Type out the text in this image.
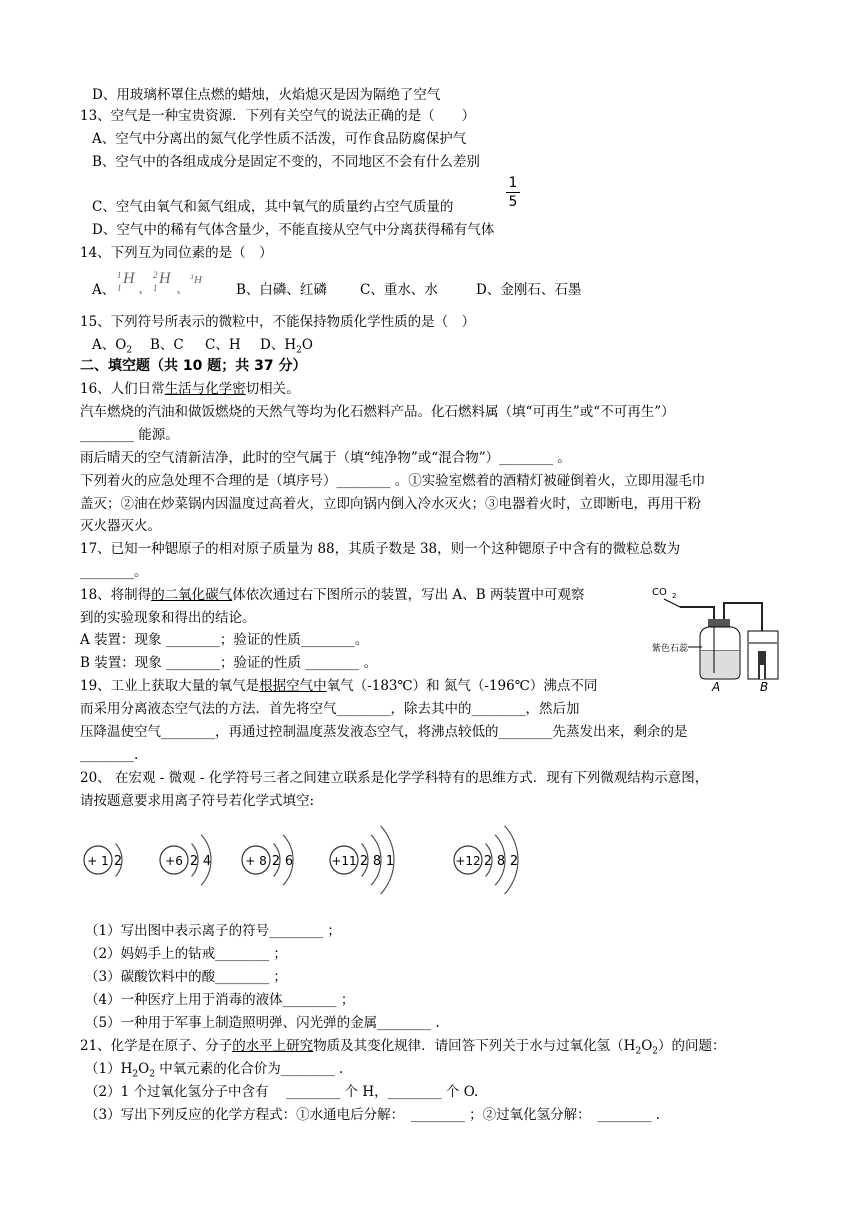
D、用玻璃杯罩住点燃的蜡烛，火焰熄灭是因为隔绝了空气
13、空气是一种宝贵资源．下列有关空气的说法正确的是（　　）
A、空气中分离出的氮气化学性质不活泼，可作食品防腐保护气
B、空气中的各组成成分是固定不变的，不同地区不会有什么差别
C、空气由氧气和氮气组成，其中氧气的质量约占空气质量的
1
5
D、空气中的稀有气体含量少，不能直接从空气中分离获得稀有气体
14、下列互为同位素的是（　）
A、
1
1
H
、
2
1
H
、
3 H
B、白磷、红磷 C、重水、水	D、金刚石、石墨
15、下列符号所表示的微粒中，不能保持物质化学性质的是（　）
A、$O_2$ B、C C、H D、$H_2O$
二、填空题（共 10 题；共 37 分）
16、人们日常生活与化学密切相关。
汽车燃烧的汽油和做饭燃烧的天然气等均为化石燃料产品。化石燃料属（填“可再生”或“不可再生”）
________ 能源。
雨后晴天的空气清新洁净，此时的空气属于（填“纯净物”或“混合物”）________ 。
下列着火的应急处理不合理的是（填序号）________ 。①实验室燃着的酒精灯被碰倒着火，立即用湿毛巾
盖灭；②油在炒菜锅内因温度过高着火，立即向锅内倒入冷水灭火；③电器着火时，立即断电，再用干粉
灭火器灭火。
17、已知一种锶原子的相对原子质量为 88，其质子数是 38，则一个这种锶原子中含有的微粒总数为
________。
18、将制得的二氧化碳气体依次通过右下图所示的装置，写出 A、B 两装置中可观察
到的实验现象和得出的结论。
A 装置：现象 ________；验证的性质________。
B 装置：现象 ________；验证的性质 ________ 。
CO 2
紫色石蕊
A	B
19、工业上获取大量的氧气是根据空气中氧气（-183℃）和 氮气（-196℃）沸点不同
而采用分离液态空气法的方法．首先将空气________，除去其中的________，然后加
压降温使空气________，再通过控制温度蒸发液态空气，将沸点较低的________先蒸发出来，剩余的是
________.
20、 在宏观 - 微观 - 化学符号三者之间建立联系是化学学科特有的思维方式．现有下列微观结构示意图，
请按题意要求用离子符号若化学式填空:
+ 1 2	+6 2 4	+ 8 2 6	+11 2 8 1	+12 2 8 2
（1）写出图中表示离子的符号________ ；
（2）妈妈手上的钻戒________ ；
（3）碳酸饮料中的酸________ ；
（4）一种医疗上用于消毒的液体________ ；
（5）一种用于军事上制造照明弹、闪光弹的金属________ .
21、化学是在原子、分子的水平上研究物质及其变化规律．请回答下列关于水与过氧化氢$(H_2O_2)$的问题：
$(1)H_2O_2$ 中氧元素的化合价为________ .
（2）1 个过氧化氢分子中含有　 ________ 个 H，________ 个 O.
（3）写出下列反应的化学方程式：①水通电后分解：　________ ；②过氧化氢分解：　________ .
